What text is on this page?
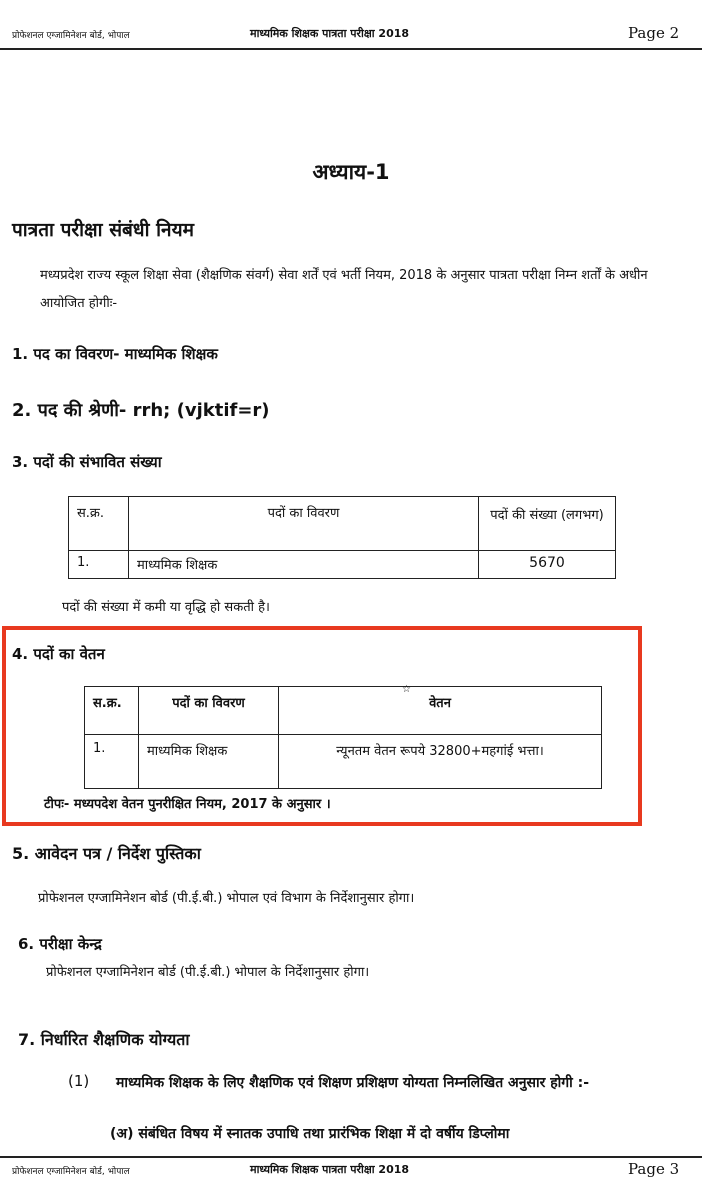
प्रोफेशनल एग्जामिनेशन बोर्ड, भोपाल	माध्यमिक शिक्षक पात्रता परीक्षा 2018	Page 2
अध्याय-1
पात्रता परीक्षा संबंधी नियम

मध्यप्रदेश राज्य स्कूल शिक्षा सेवा (शैक्षणिक संवर्ग) सेवा शर्तें एवं भर्ती नियम, 2018 के अनुसार पात्रता परीक्षा निम्न शर्तों के अधीन आयोजित होगीः-

1. पद का विवरण- माध्यमिक शिक्षक
2. पद की श्रेणी- rrh; (vjktif=r)
3. पदों की संभावित संख्या
स.क्र.	पदों का विवरण	पदों की संख्या (लगभग)
1.	माध्यमिक शिक्षक	5670
पदों की संख्या में कमी या वृद्धि हो सकती है।
4. पदों का वेतन
स.क्र.	पदों का विवरण	वेतन
1.	माध्यमिक शिक्षक	न्यूनतम वेतन रूपये 32800+महगांई भत्ता।
☆
टीपः- मध्यपदेश वेतन पुनरीक्षित नियम, 2017 के अनुसार ।
5. आवेदन पत्र / निर्देश पुस्तिका
प्रोफेशनल एग्जामिनेशन बोर्ड (पी.ई.बी.) भोपाल एवं विभाग के निर्देशानुसार होगा।
6. परीक्षा केन्द्र
प्रोफेशनल एग्जामिनेशन बोर्ड (पी.ई.बी.) भोपाल के निर्देशानुसार होगा।
7. निर्धारित शैक्षणिक योग्यता
(1) माध्यमिक शिक्षक के लिए शैक्षणिक एवं शिक्षण प्रशिक्षण योग्यता निम्नलिखित अनुसार होगी :-
(अ) संबंधित विषय में स्नातक उपाधि तथा प्रारंभिक शिक्षा में दो वर्षीय डिप्लोमा
प्रोफेशनल एग्जामिनेशन बोर्ड, भोपाल	माध्यमिक शिक्षक पात्रता परीक्षा 2018	Page 3
